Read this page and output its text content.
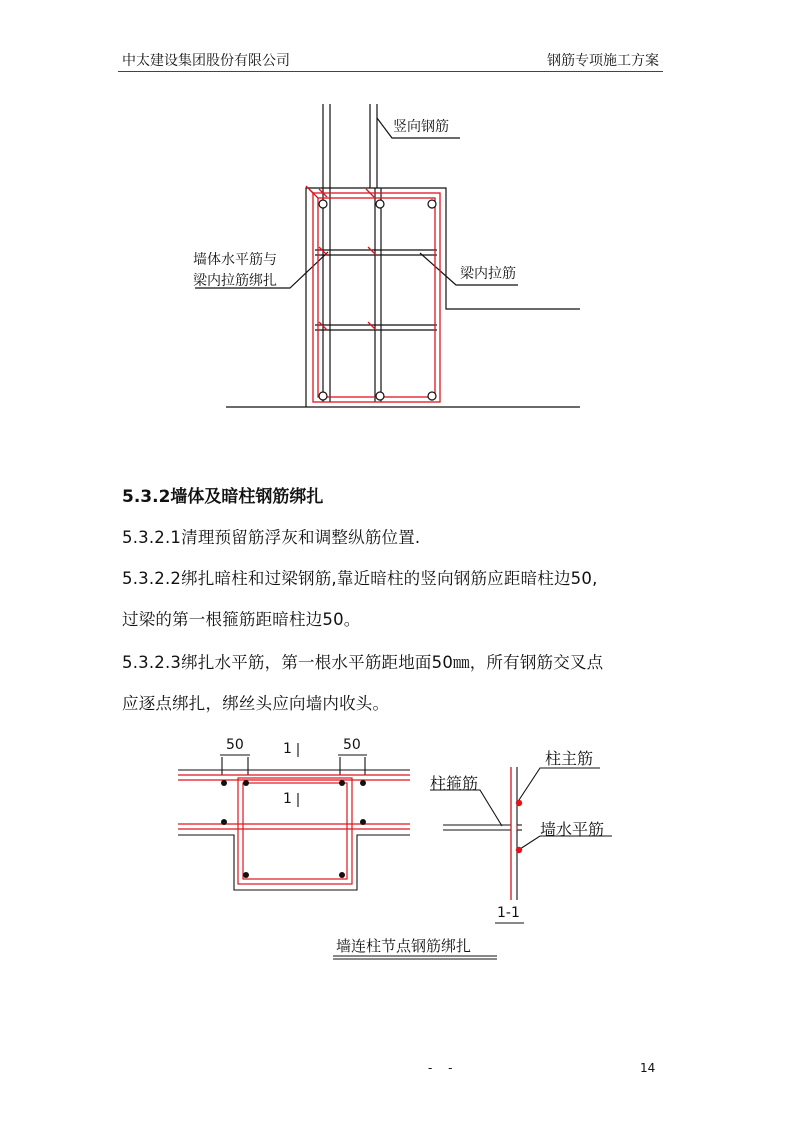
中太建设集团股份有限公司	钢筋专项施工方案
竖向钢筋
墙体水平筋与
梁内拉筋绑扎	梁内拉筋
5.3.2墙体及暗柱钢筋绑扎
5.3.2.1清理预留筋浮灰和调整纵筋位置.
5.3.2.2绑扎暗柱和过梁钢筋,靠近暗柱的竖向钢筋应距暗柱边50,
过梁的第一根箍筋距暗柱边50。
5.3.2.3绑扎水平筋，第一根水平筋距地面50㎜，所有钢筋交叉点
应逐点绑扎，绑丝头应向墙内收头。
50	50
1
1
柱主筋
柱箍筋
墙水平筋
1-1
墙连柱节点钢筋绑扎
- -	14
